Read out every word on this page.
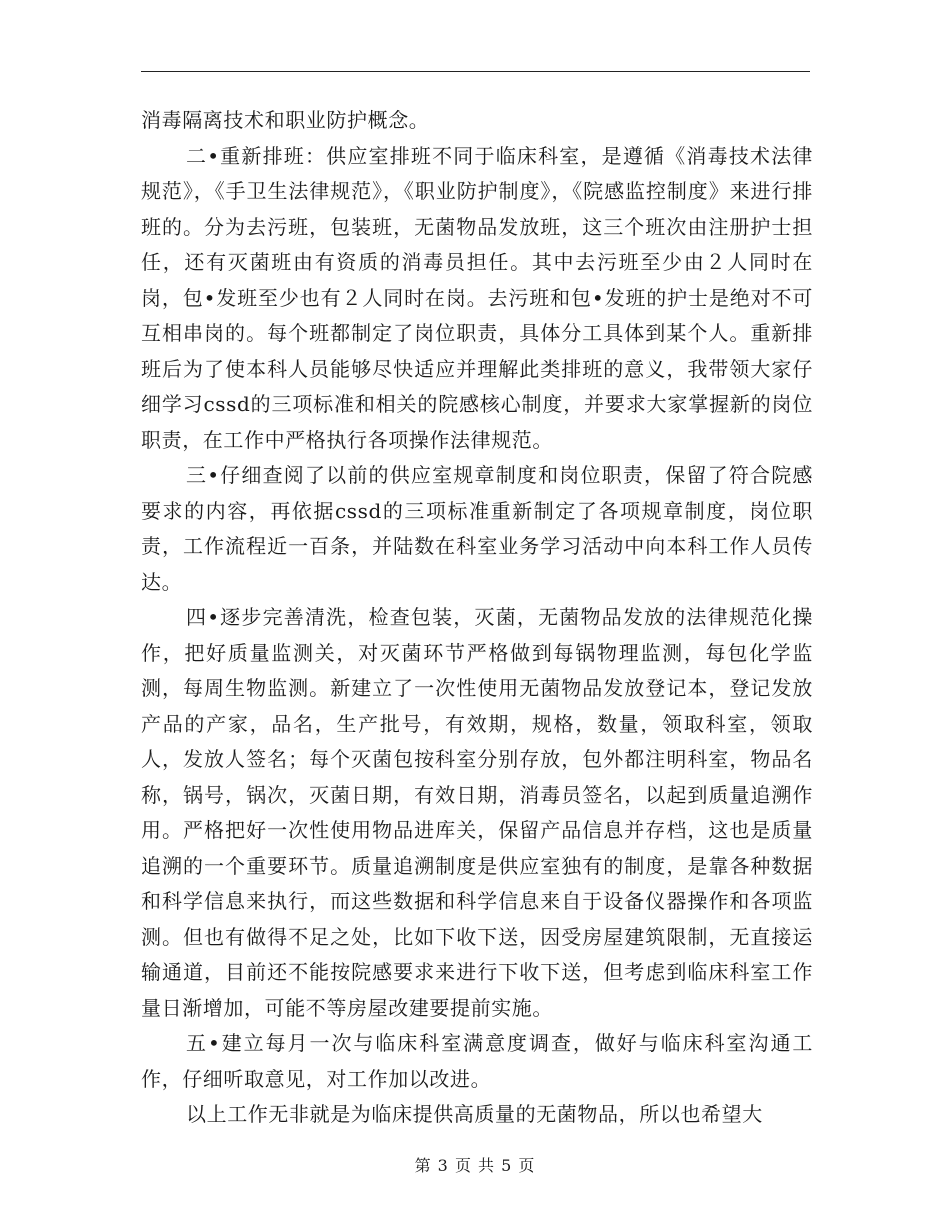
消毒隔离技术和职业防护概念。

二•重新排班：供应室排班不同于临床科室，是遵循《消毒技术法律规范》，《手卫生法律规范》，《职业防护制度》，《院感监控制度》来进行排班的。分为去污班，包装班，无菌物品发放班，这三个班次由注册护士担任，还有灭菌班由有资质的消毒员担任。其中去污班至少由２人同时在岗，包•发班至少也有２人同时在岗。去污班和包•发班的护士是绝对不可互相串岗的。每个班都制定了岗位职责，具体分工具体到某个人。重新排班后为了使本科人员能够尽快适应并理解此类排班的意义，我带领大家仔细学习cssd的三项标准和相关的院感核心制度，并要求大家掌握新的岗位职责，在工作中严格执行各项操作法律规范。

三•仔细查阅了以前的供应室规章制度和岗位职责，保留了符合院感要求的内容，再依据cssd的三项标准重新制定了各项规章制度，岗位职责，工作流程近一百条，并陆数在科室业务学习活动中向本科工作人员传达。

四•逐步完善清洗，检查包装，灭菌，无菌物品发放的法律规范化操作，把好质量监测关，对灭菌环节严格做到每锅物理监测，每包化学监测，每周生物监测。新建立了一次性使用无菌物品发放登记本，登记发放产品的产家，品名，生产批号，有效期，规格，数量，领取科室，领取人，发放人签名；每个灭菌包按科室分别存放，包外都注明科室，物品名称，锅号，锅次，灭菌日期，有效日期，消毒员签名，以起到质量追溯作用。严格把好一次性使用物品进库关，保留产品信息并存档，这也是质量追溯的一个重要环节。质量追溯制度是供应室独有的制度，是靠各种数据和科学信息来执行，而这些数据和科学信息来自于设备仪器操作和各项监测。但也有做得不足之处，比如下收下送，因受房屋建筑限制，无直接运输通道，目前还不能按院感要求来进行下收下送，但考虑到临床科室工作量日渐增加，可能不等房屋改建要提前实施。

五•建立每月一次与临床科室满意度调查，做好与临床科室沟通工作，仔细听取意见，对工作加以改进。

以上工作无非就是为临床提供高质量的无菌物品，所以也希望大

第 3 页 共 5 页
